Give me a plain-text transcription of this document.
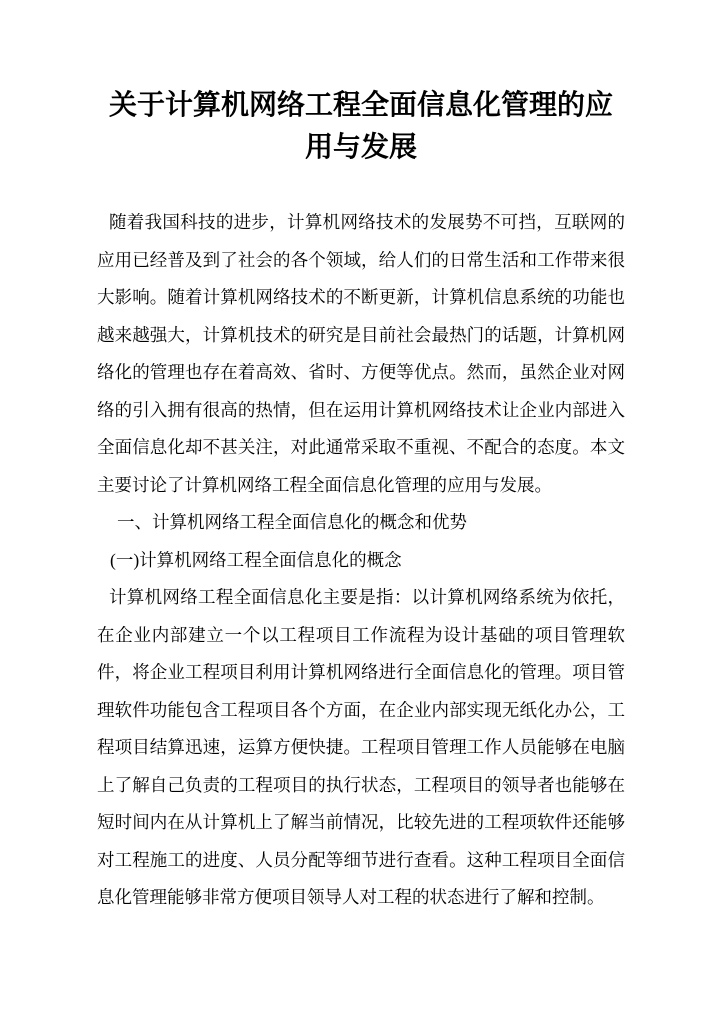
关于计算机网络工程全面信息化管理的应用与发展
随着我国科技的进步，计算机网络技术的发展势不可挡，互联网的应用已经普及到了社会的各个领域，给人们的日常生活和工作带来很大影响。随着计算机网络技术的不断更新，计算机信息系统的功能也越来越强大，计算机技术的研究是目前社会最热门的话题，计算机网络化的管理也存在着高效、省时、方便等优点。然而，虽然企业对网络的引入拥有很高的热情，但在运用计算机网络技术让企业内部进入全面信息化却不甚关注，对此通常采取不重视、不配合的态度。本文主要讨论了计算机网络工程全面信息化管理的应用与发展。
一、计算机网络工程全面信息化的概念和优势
(一)计算机网络工程全面信息化的概念
计算机网络工程全面信息化主要是指：以计算机网络系统为依托，在企业内部建立一个以工程项目工作流程为设计基础的项目管理软件，将企业工程项目利用计算机网络进行全面信息化的管理。项目管理软件功能包含工程项目各个方面，在企业内部实现无纸化办公，工程项目结算迅速，运算方便快捷。工程项目管理工作人员能够在电脑上了解自己负责的工程项目的执行状态，工程项目的领导者也能够在短时间内在从计算机上了解当前情况，比较先进的工程项软件还能够对工程施工的进度、人员分配等细节进行查看。这种工程项目全面信息化管理能够非常方便项目领导人对工程的状态进行了解和控制。
